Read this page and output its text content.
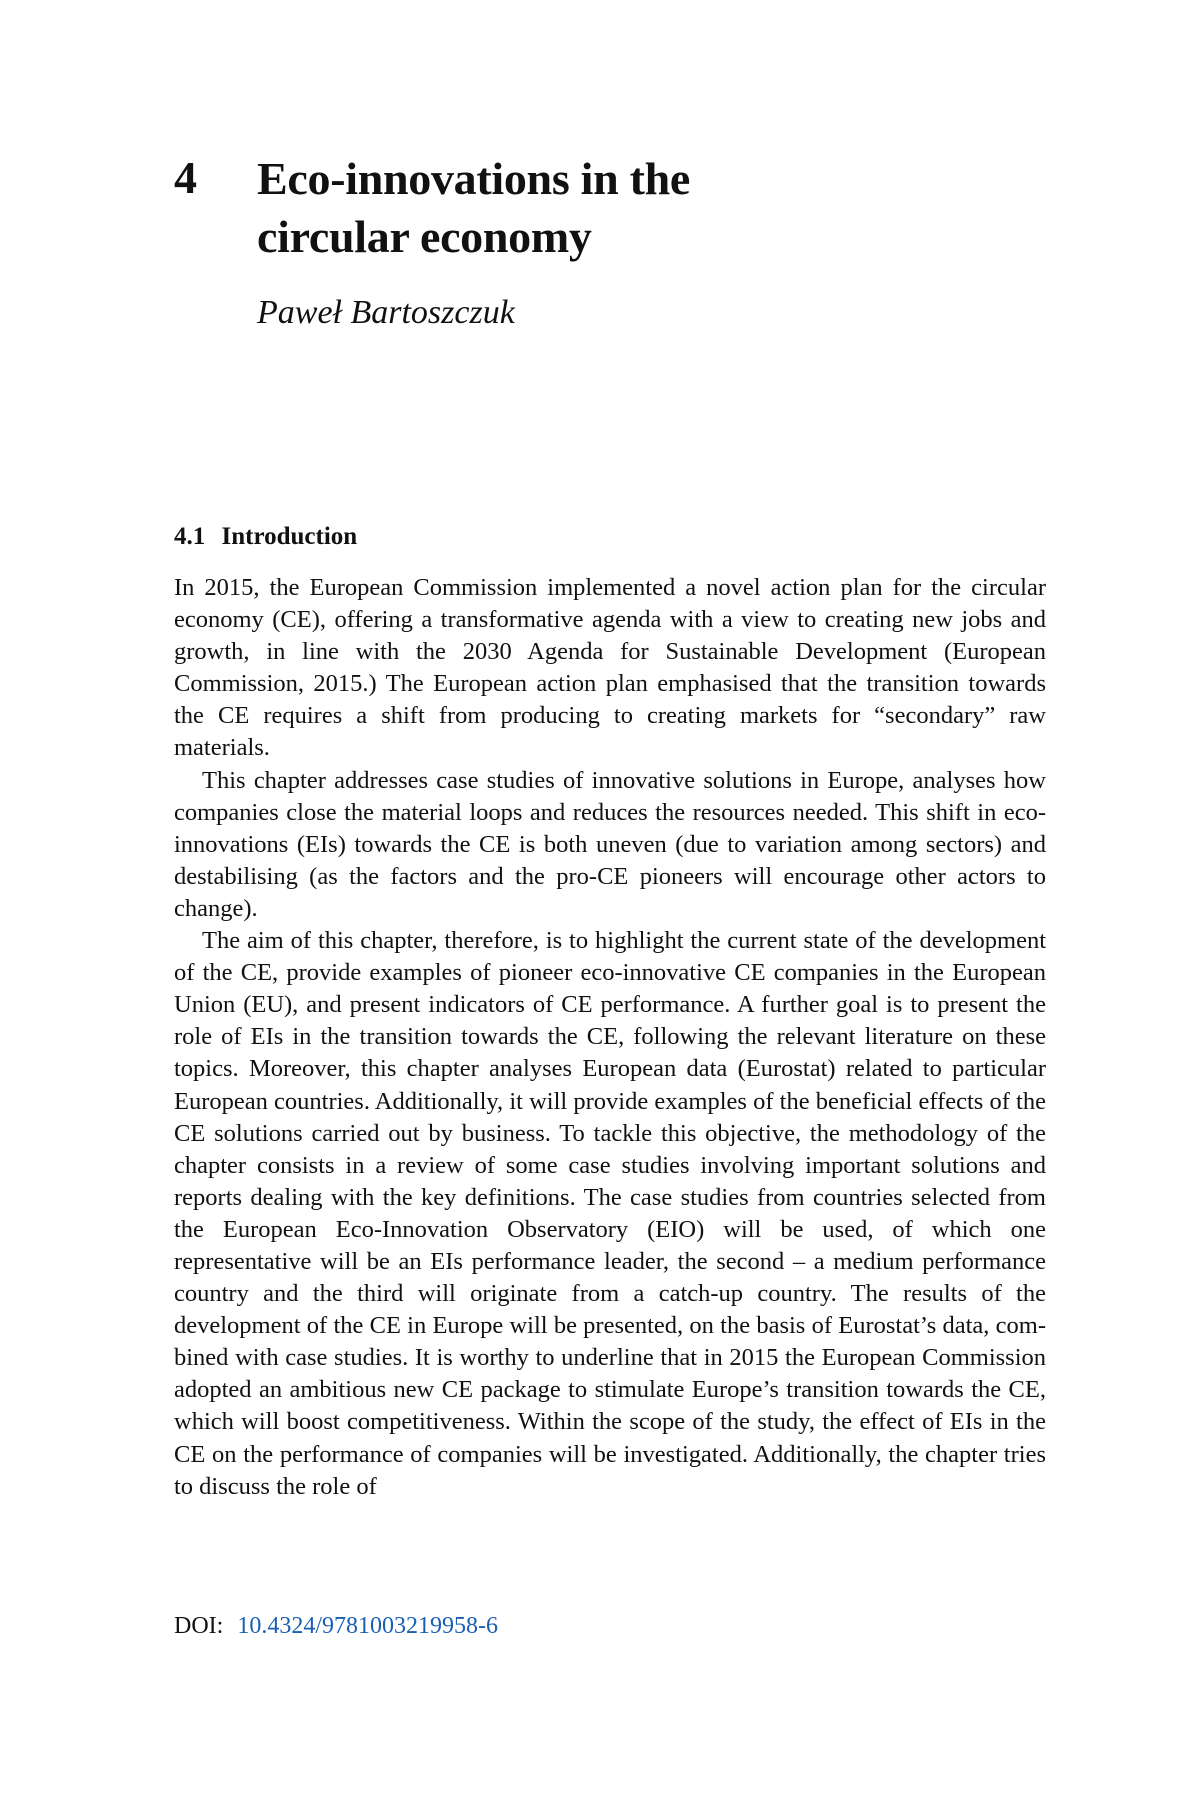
4 Eco-innovations in the
circular economy
Paweł Bartoszczuk
4.1 Introduction

In 2015, the European Commission implemented a novel action plan for the circular economy (CE), offering a transformative agenda with a view to creating new jobs and growth, in line with the 2030 Agenda for Sustainable Development (European Commission, 2015.) The European action plan emphasised that the transition towards the CE requires a shift from producing to creating markets for “secondary” raw materials.

This chapter addresses case studies of innovative solutions in Europe, analyses how companies close the material loops and reduces the resources needed. This shift in eco-innovations (EIs) towards the CE is both uneven (due to variation among sectors) and destabilising (as the factors and the pro-CE pioneers will encourage other actors to change).

The aim of this chapter, therefore, is to highlight the current state of the development of the CE, provide examples of pioneer eco-innovative CE companies in the European Union (EU), and present indicators of CE performance. A further goal is to present the role of EIs in the transition towards the CE, following the relevant literature on these topics. Moreover, this chapter analyses European data (Eurostat) related to particular European countries. Additionally, it will provide examples of the beneficial effects of the CE solutions carried out by business. To tackle this objective, the methodology of the chapter consists in a review of some case studies involving important solutions and reports dealing with the key definitions. The case studies from countries selected from the European Eco-Innovation Observatory (EIO) will be used, of which one representative will be an EIs performance leader, the second – a medium performance country and the third will originate from a catch-up country. The results of the development of the CE in Europe will be presented, on the basis of Eurostat’s data, combined with case studies. It is worthy to underline that in 2015 the European Commission adopted an ambitious new CE package to stimulate Europe’s transition towards the CE, which will boost competitiveness. Within the scope of the study, the effect of EIs in the CE on the performance of companies will be investigated. Additionally, the chapter tries to discuss the role of

DOI: 10.4324/9781003219958-6
